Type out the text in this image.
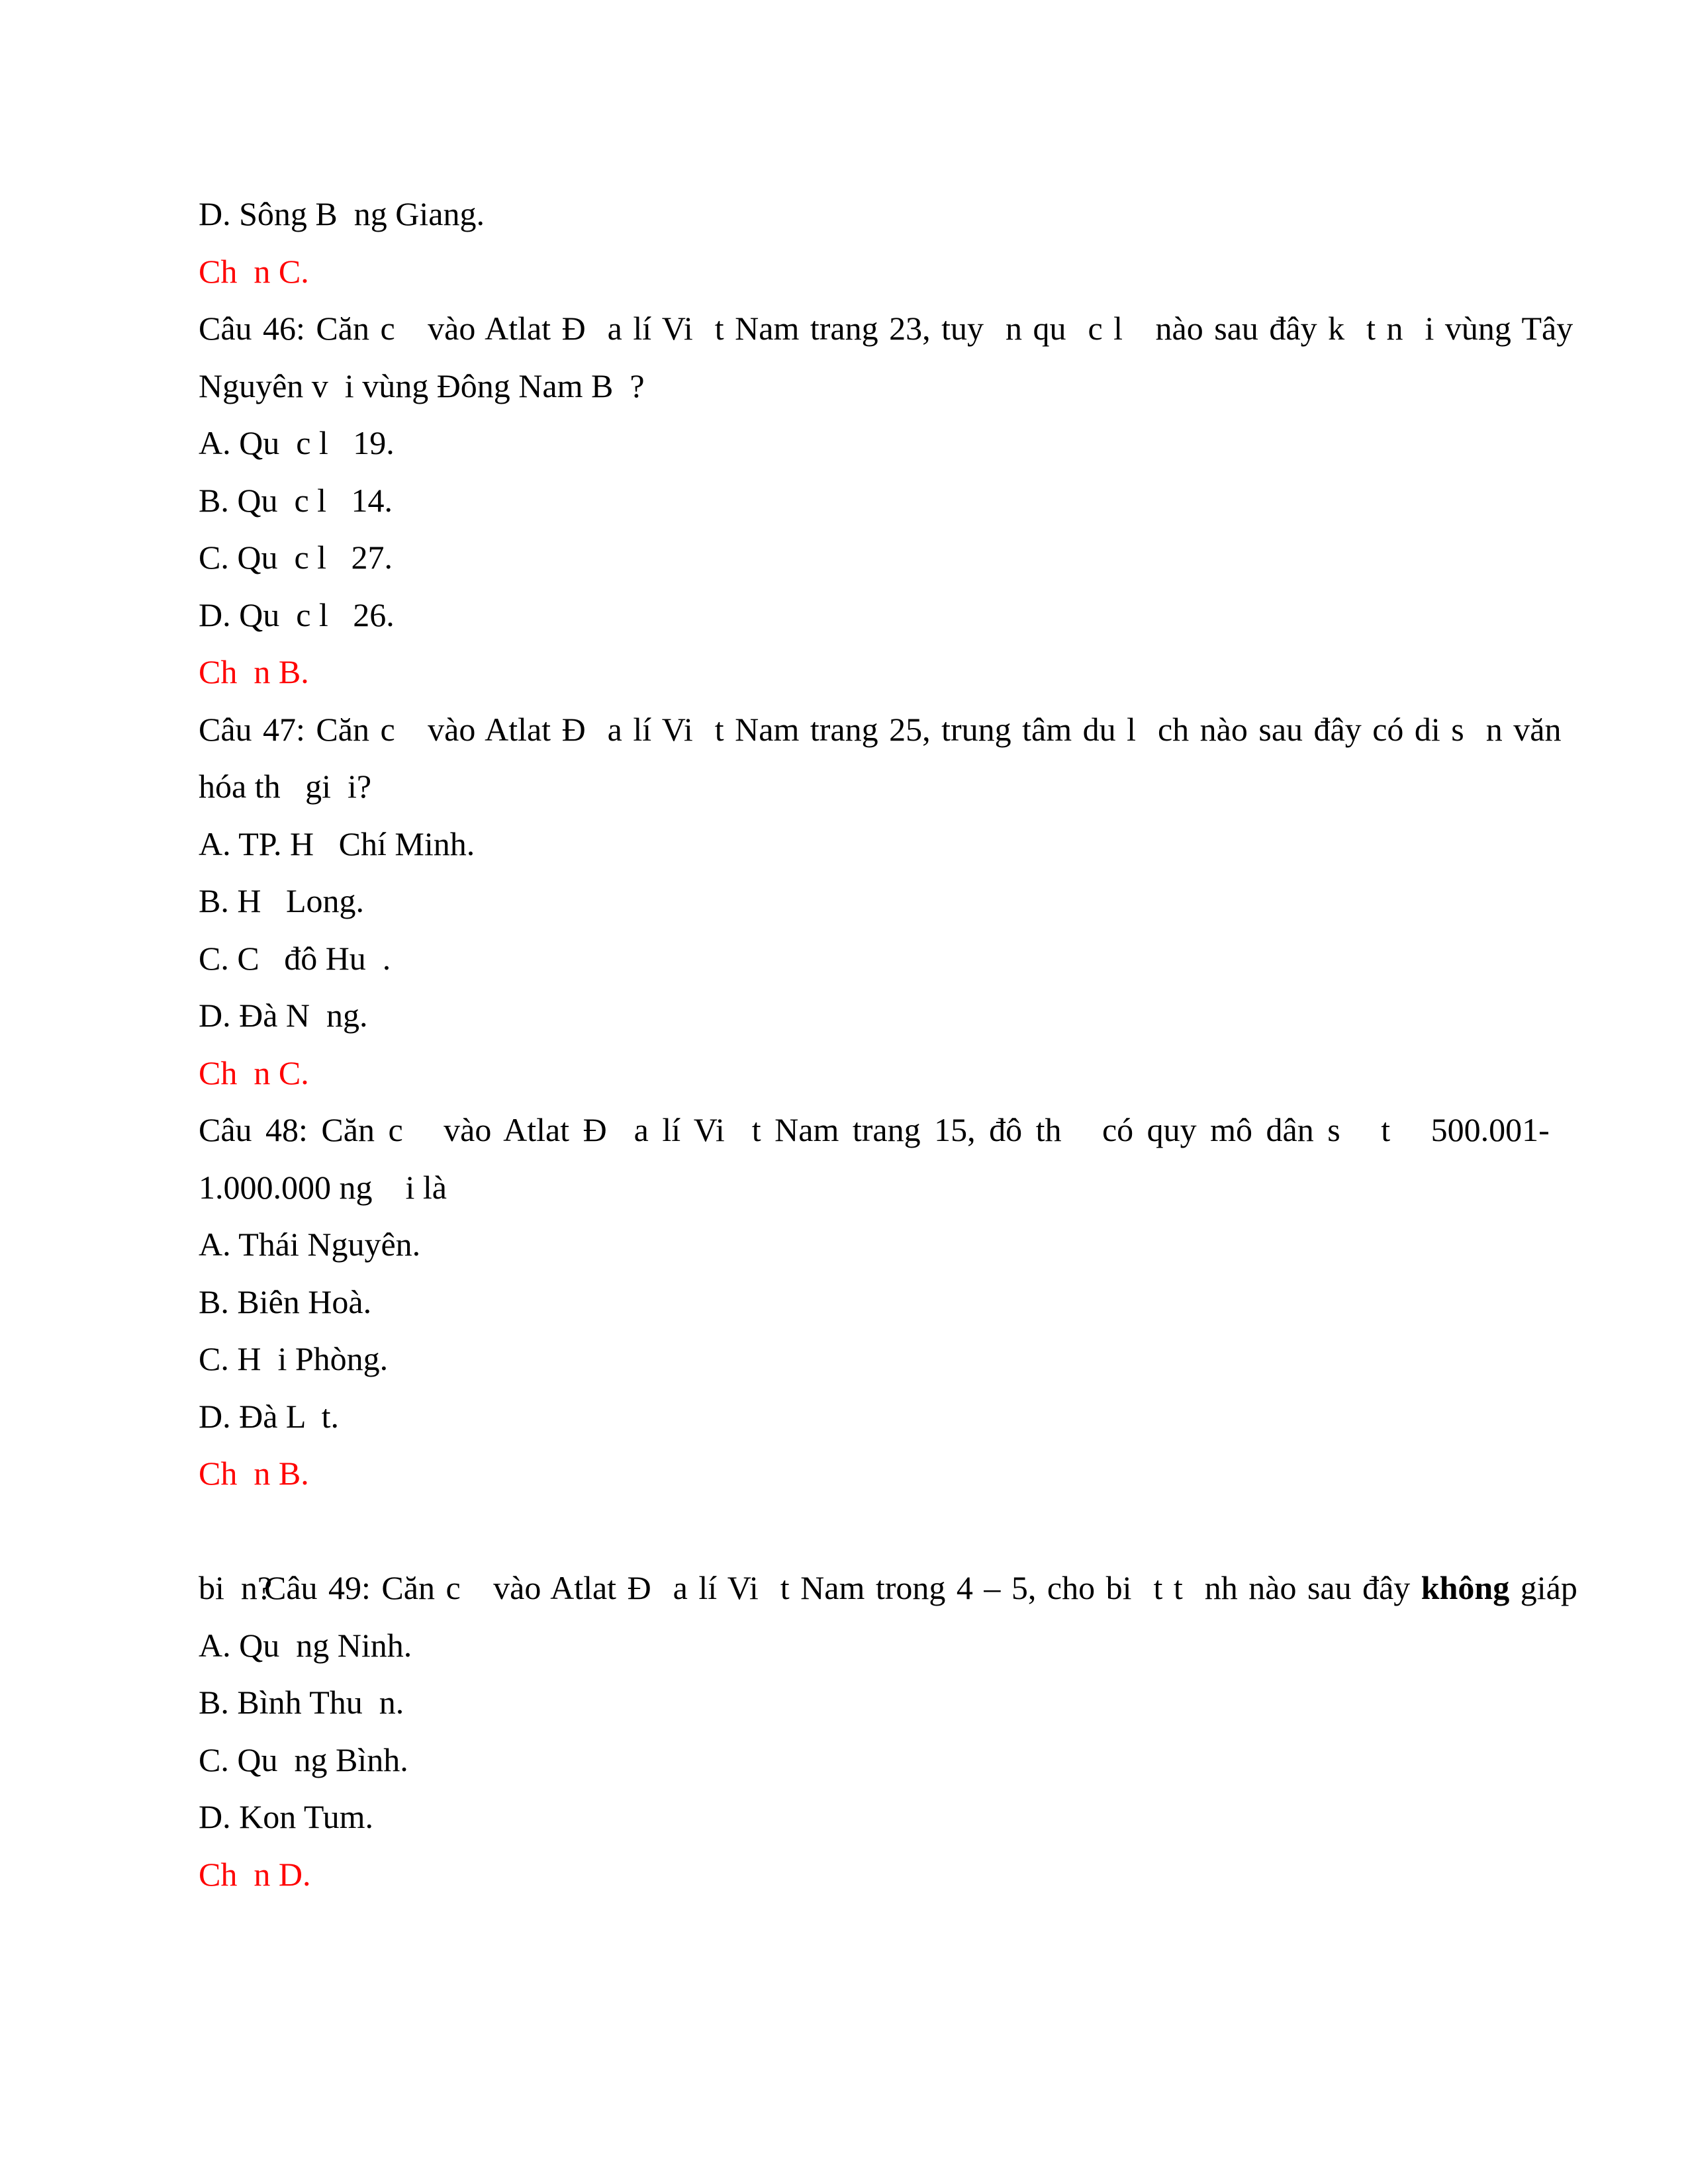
D. Sông B  ng Giang.
Ch  n C.
Câu 46: Căn c   vào Atlat Đ  a lí Vi  t Nam trang 23, tuy  n qu  c l   nào sau đây k  t n  i vùng Tây
Nguyên v  i vùng Đông Nam B  ?
A. Qu  c l   19.
B. Qu  c l   14.
C. Qu  c l   27.
D. Qu  c l   26.
Ch  n B.
Câu 47: Căn c   vào Atlat Đ  a lí Vi  t Nam trang 25, trung tâm du l  ch nào sau đây có di s  n văn
hóa th   gi  i?
A. TP. H   Chí Minh.
B. H   Long.
C. C   đô Hu  .
D. Đà N  ng.
Ch  n C.
Câu 48: Căn c   vào Atlat Đ  a lí Vi  t Nam trang 15, đô th   có quy mô dân s   t   500.001-
1.000.000 ng    i là
A. Thái Nguyên.
B. Biên Hoà.
C. H  i Phòng.
D. Đà L  t.
Ch  n B.

Câu 49: Căn c   vào Atlat Đ  a lí Vi  t Nam trong 4 – 5, cho bi  t t  nh nào sau đây không giáp

bi  n?
A. Qu  ng Ninh.
B. Bình Thu  n.
C. Qu  ng Bình.
D. Kon Tum.
Ch  n D.
